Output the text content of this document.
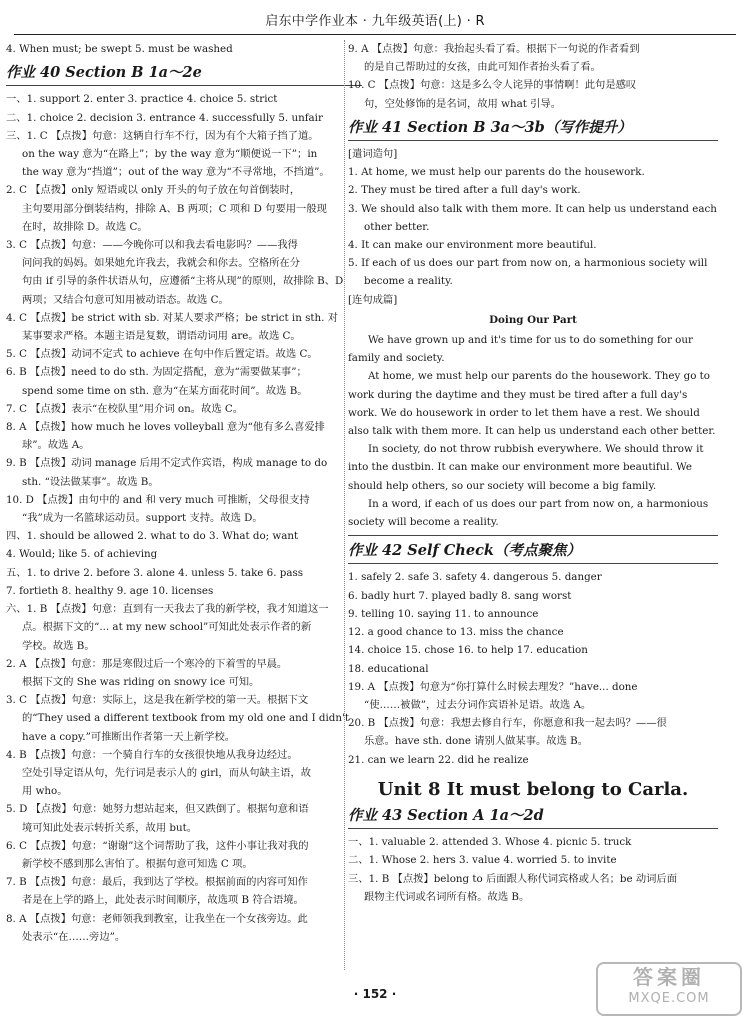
启东中学作业本 · 九年级英语(上) · R
4. When must; be swept 5. must be washed
作业 40 Section B 1a～2e
一、1. support 2. enter 3. practice 4. choice 5. strict
二、1. choice 2. decision 3. entrance 4. successfully 5. unfair
三、1. C 【点拨】句意：这辆自行车不行，因为有个大箱子挡了道。
on the way 意为“在路上”；by the way 意为“顺便说一下”；in
the way 意为“挡道”；out of the way 意为“不寻常地，不挡道”。
2. C 【点拨】only 短语或以 only 开头的句子放在句首倒装时，
主句要用部分倒装结构，排除 A、B 两项；C 项和 D 句要用一般现
在时，故排除 D。故选 C。
3. C 【点拨】句意：——今晚你可以和我去看电影吗？——我得
问问我的妈妈。如果她允许我去，我就会和你去。空格所在分
句由 if 引导的条件状语从句，应遵循“主将从现”的原则，故排除 B、D
两项；又结合句意可知用被动语态。故选 C。
4. C 【点拨】be strict with sb. 对某人要求严格；be strict in sth. 对
某事要求严格。本题主语是复数，谓语动词用 are。故选 C。
5. C 【点拨】动词不定式 to achieve 在句中作后置定语。故选 C。
6. B 【点拨】need to do sth. 为固定搭配，意为“需要做某事”；
spend some time on sth. 意为“在某方面花时间”。故选 B。
7. C 【点拨】表示“在校队里”用介词 on。故选 C。
8. A 【点拨】how much he loves volleyball 意为“他有多么喜爱排
球”。故选 A。
9. B 【点拨】动词 manage 后用不定式作宾语，构成 manage to do
sth. “设法做某事”。故选 B。
10. D 【点拨】由句中的 and 和 very much 可推断，父母很支持
“我”成为一名篮球运动员。support 支持。故选 D。
四、1. should be allowed 2. what to do 3. What do; want
4. Would; like 5. of achieving
五、1. to drive 2. before 3. alone 4. unless 5. take 6. pass
7. fortieth 8. healthy 9. age 10. licenses
六、1. B 【点拨】句意：直到有一天我去了我的新学校，我才知道这一
点。根据下文的“... at my new school”可知此处表示作者的新
学校。故选 B。
2. A 【点拨】句意：那是寒假过后一个寒冷的下着雪的早晨。
根据下文的 She was riding on snowy ice 可知。
3. C 【点拨】句意：实际上，这是我在新学校的第一天。根据下文
的“They used a different textbook from my old one and I didn't
have a copy.”可推断出作者第一天上新学校。
4. B 【点拨】句意：一个骑自行车的女孩很快地从我身边经过。
空处引导定语从句，先行词是表示人的 girl，而从句缺主语，故
用 who。
5. D 【点拨】句意：她努力想站起来，但又跌倒了。根据句意和语
境可知此处表示转折关系，故用 but。
6. C 【点拨】句意：“谢谢”这个词帮助了我，这件小事让我对我的
新学校不感到那么害怕了。根据句意可知选 C 项。
7. B 【点拨】句意：最后，我到达了学校。根据前面的内容可知作
者是在上学的路上，此处表示时间顺序，故选项 B 符合语境。
8. A 【点拨】句意：老师领我到教室，让我坐在一个女孩旁边。此
处表示“在……旁边”。
9. A 【点拨】句意：我抬起头看了看。根据下一句说的作者看到
的是自己帮助过的女孩，由此可知作者抬头看了看。
10. C 【点拨】句意：这是多么令人诧异的事情啊！此句是感叹
句，空处修饰的是名词，故用 what 引导。
作业 41 Section B 3a～3b（写作提升）
[遣词造句]
1. At home, we must help our parents do the housework.
2. They must be tired after a full day's work.
3. We should also talk with them more. It can help us understand each
other better.
4. It can make our environment more beautiful.
5. If each of us does our part from now on, a harmonious society will
become a reality.
[连句成篇]
Doing Our Part

We have grown up and it's time for us to do something for our family and society.

At home, we must help our parents do the housework. They go to work during the daytime and they must be tired after a full day's work. We do housework in order to let them have a rest. We should also talk with them more. It can help us understand each other better.

In society, do not throw rubbish everywhere. We should throw it into the dustbin. It can make our environment more beautiful. We should help others, so our society will become a big family.

In a word, if each of us does our part from now on, a harmonious society will become a reality.

作业 42 Self Check（考点聚焦）
1. safely 2. safe 3. safety 4. dangerous 5. danger
6. badly hurt 7. played badly 8. sang worst
9. telling 10. saying 11. to announce
12. a good chance to 13. miss the chance
14. choice 15. chose 16. to help 17. education
18. educational
19. A 【点拨】句意为“你打算什么时候去理发？”have... done
“使……被做”，过去分词作宾语补足语。故选 A。
20. B 【点拨】句意：我想去修自行车，你愿意和我一起去吗？——很
乐意。have sth. done 请别人做某事。故选 B。
21. can we learn 22. did he realize
Unit 8 It must belong to Carla.
作业 43 Section A 1a～2d
一、1. valuable 2. attended 3. Whose 4. picnic 5. truck
二、1. Whose 2. hers 3. value 4. worried 5. to invite
三、1. B 【点拨】belong to 后面跟人称代词宾格或人名；be 动词后面
跟物主代词或名词所有格。故选 B。
· 152 ·
答案圈
MXQE.COM
